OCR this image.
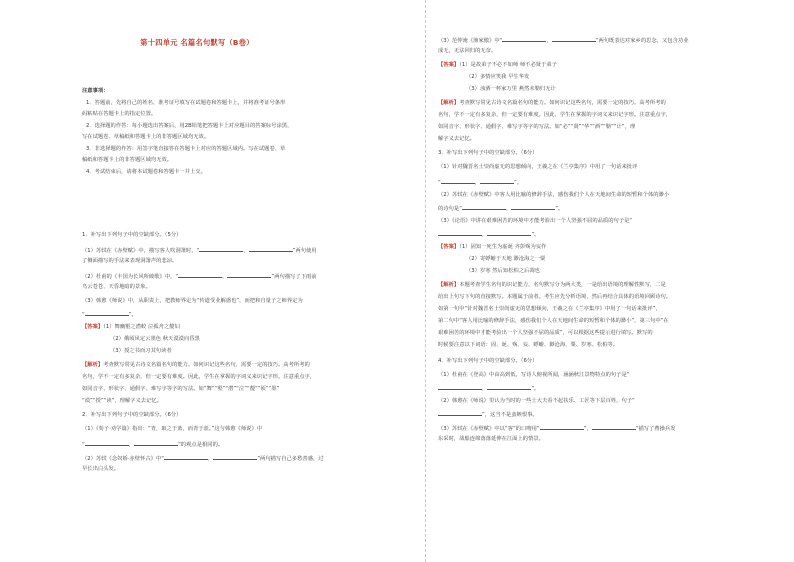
第十四单元 名篇名句默写（B卷）
注意事项：
1．答题前，先将自己的姓名、准考证号填写在试题卷和答题卡上，并将准考证号条形
码粘贴在答题卡上的指定位置。
2．选择题的作答：每小题选出答案后，用2B铅笔把答题卡上对应题目的答案标号涂黑，
写在试题卷、草稿纸和答题卡上的非答题区域均无效。
3．非选择题的作答：用签字笔直接答在答题卡上对应的答题区域内。写在试题卷、草
稿纸和答题卡上的非答题区域均无效。
4．考试结束后，请将本试题卷和答题卡一并上交。
1．补写出下列句子中的空缺部分。（5分）
（1）苏轼在《赤壁赋》中，描写客人吹洞箫时，“	，	”两句使用
了侧面描写的手法来表现洞箫声的悲凉。
（2）杜甫的《丰国为长风所破歌》中，“	，	”两句描写了下雨前
鸟云苍苍、天昏地暗的景象。
（3）韩愈《师说》中，从职责上，把教师界定为“传道受业解惑也”，而把和自量子之师界定为
“	”。
【答案】（1）舞幽壑之潜蛟 泣孤舟之嫠妇
（2）俄顷风定云墨色 秋天漠漠向昏黑
（3）授之书而习其句读者
【解析】考查默写常见古诗文名篇名句的能力。如何识记这些名句，需要一定的技巧。高考所考的
名句，学不一定有多复杂，但一定要有难度。因此，学生在掌握的字词义来识记字形。注意重点字，
如同音字、形状字、通假字、难写字等字的写法。如“舞”“壑”“潜”“泣”“嫠”“顷”“墨”
“漠”“授”“读”，理解字义去记忆。
2．补写出下列句子中的空缺部分。（6分）
（1）《荀子·劝学篇》指出：“青，取之于蓝，而青于蓝。”这与韩愈《师说》中
“	，	”的观点是相同的。
（2）苏轼《念奴娇·赤壁怀古》中“	，	”两句描写自己多愁善感，过
早长出白头发。
（3）范仲淹《渔家傲》中“	，	”两句既表达对家乡的思念，又包含功业
成无，无法回归的无奈。
【答案】（1）是故弟子不必不如师 师不必贤于弟子
（2）多情应笑我 早生华发
（3）浊酒一杯家万里 燕然未勒归无计
【解析】考查默写常见古诗文名篇名句的能力。如何识记这些名句，需要一定的技巧。高考所考的
名句，学不一定有多复杂，但一定要有难度。因此，学生在掌握的字词义来识记字形。注意重点字，
如同音字、形状字、通假字、难写字等字的写法。如“必”“贤”“华”“酒”“勒”“计”，理
解字义去记忆。
3．补写出下列句子中的空缺部分。（6分）
（1）针对魏晋名士崇尚虚无的思想倾向，王羲之在《兰亭集序》中用了一句话来批评
“	，	”。
（2）苏轼在《赤壁赋》中客人用比喻的修辞手法，感伤我们个人在天地间生命的短暂和个体的渺小
的诗句是“	，	”。
（3）《论语》中讲在艰难困苦的环境中才能考验出一个人坚强不屈的品质的句子是“
，	”。
【答案】（1）固知一死生为虚诞 齐彭殇为妄作
（2）寄蜉蝣于天地 渺沧海之一粟
（3）岁寒 然后知松柏之后凋也
【解析】本题考查学生名句的识记能力，名句默写分为两大类，一是给出语境的理解性默写，二是
给出上句写下句的直接默写。本题属于前者。考生应先分析语境，然后再结合具体的语境回顾诗句。
如第一句中“针对魏晋名士崇尚虚无的思想倾向，王羲之在《兰亭集序》中用了一句话来批评”，
第二句中“客人用比喻的修辞手法，感伤我们个人在天地间生命的短暂和个体的渺小”，第三句中“在
艰难困苦的环境中才能考验出一个人坚强不屈的品质”，可以根据这些提示进行填写。默写的
时候要注意以下词语：固、诞、殇、妄、蜉蝣、渺沧海、粟、岁寒、松柏等。
4．补写出下列句子中的空缺部分。（6分）
（1）杜甫在《登高》中由高到低，写诗人俯视所闻，涵涵秋江景物特点的句子是“
，	”。
（2）韩愈在《师说》里认为当时的一些士大夫看不起扶乐、工匠等下层百姓，句子“
”，这当不是蛮嫉恨事。
（3）苏轼在《赤壁赋》中以“客”的口吻用“	”，	”描写了曹操兵发
东采时，战船连绵落落延伸在江面上的情景。
